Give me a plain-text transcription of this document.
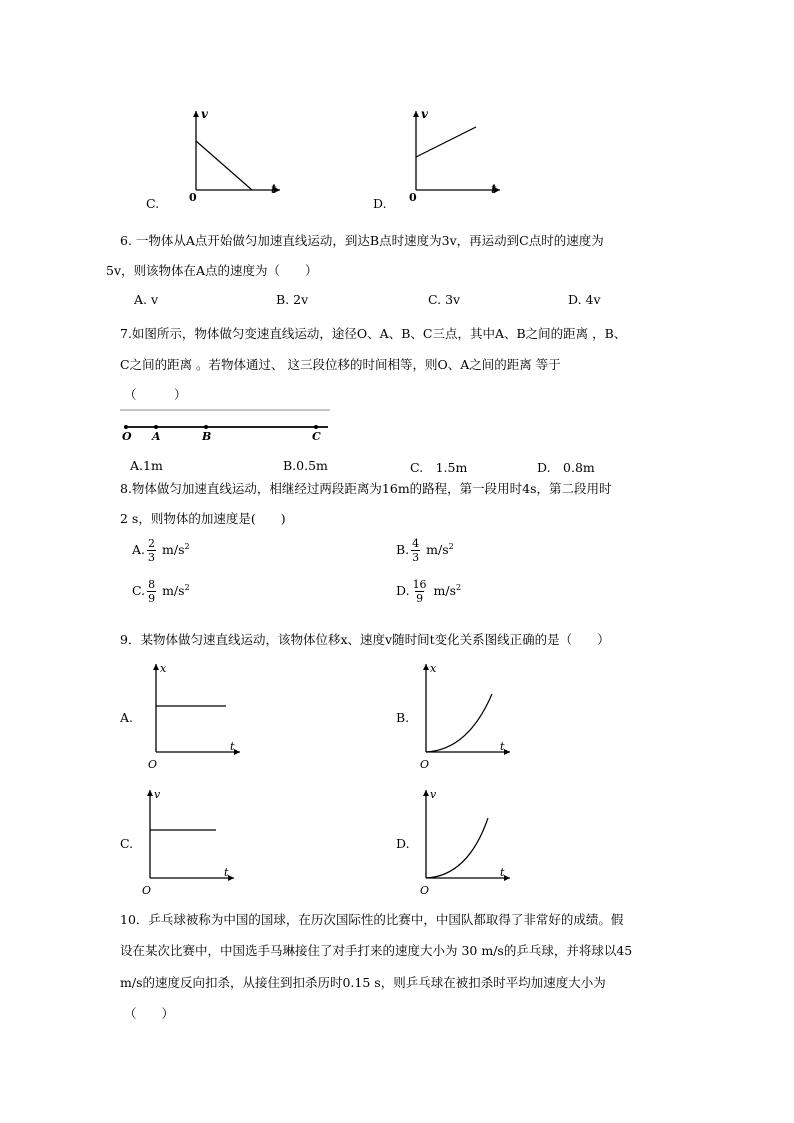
C.
v
t
0	D.
v
t
0
6. 一物体从A点开始做匀加速直线运动，到达B点时速度为3v，再运动到C点时的速度为
5v，则该物体在A点的速度为（　　）
A. v	B. 2v	C. 3v	D. 4v
7.如图所示，物体做匀变速直线运动，途径O、A、B、C三点，其中A、B之间的距离 ，B、
C之间的距离 。若物体通过、 这三段位移的时间相等，则O、A之间的距离 等于
（　　　）
O A	B	C
A.1m	B.0.5m	C.　1.5m	D.　0.8m
8.物体做匀加速直线运动，相继经过两段距离为16m的路程，第一段用时4s，第二段用时
2 s，则物体的加速度是(　　)
A. $\frac{2}{3} m/s^2$	B. $\frac{4}{3} m/s^2$
C. $\frac{8}{9} m/s^2$	D. $\frac{16}{9} m/s^2$
9．某物体做匀速直线运动，该物体位移x、速度v随时间t变化关系图线正确的是（　　）
A.
x
t
O
B.
x
t
O
C.
v
t
O
D.
v
t
O
10．乒乓球被称为中国的国球，在历次国际性的比赛中，中国队都取得了非常好的成绩。假
设在某次比赛中，中国选手马琳接住了对手打来的速度大小为 30 m/s的乒乓球，并将球以45
m/s的速度反向扣杀，从接住到扣杀历时0.15 s，则乒乓球在被扣杀时平均加速度大小为
（　　）
